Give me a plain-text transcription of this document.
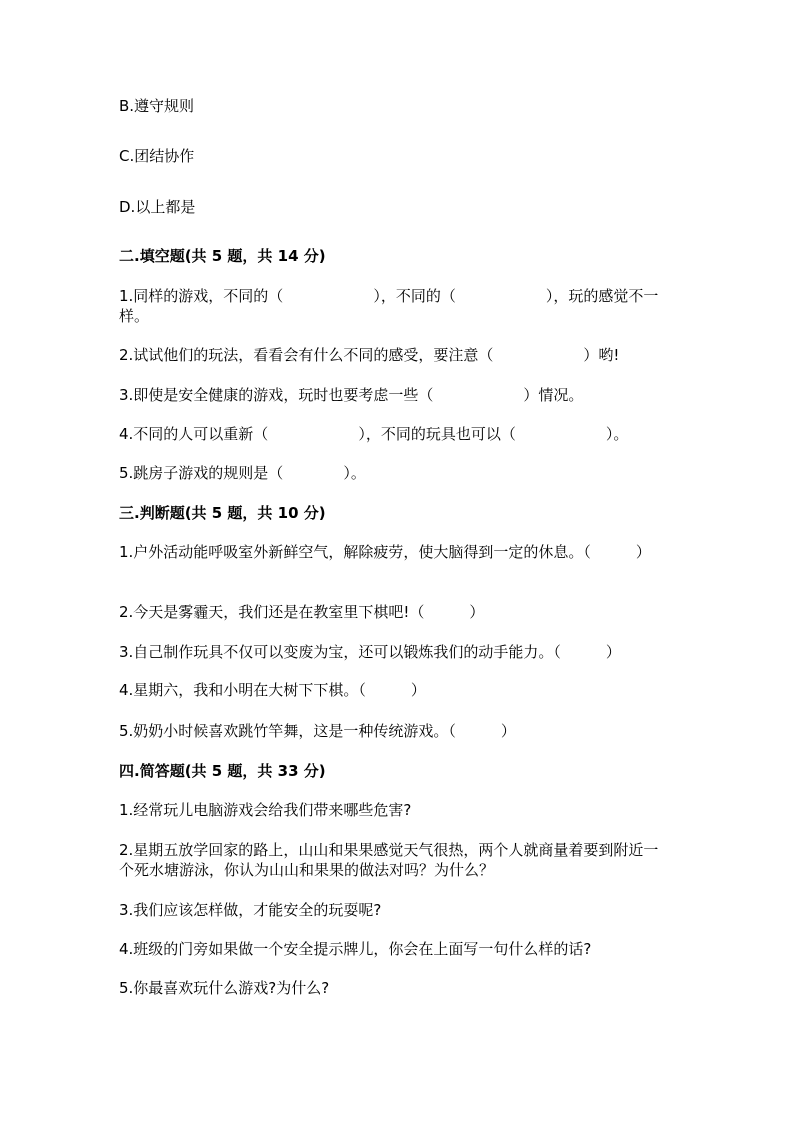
B.遵守规则
C.团结协作
D.以上都是
二.填空题(共 5 题，共 14 分)
1.同样的游戏，不同的（　　　　　　），不同的（　　　　　　），玩的感觉不一样。
2.试试他们的玩法，看看会有什么不同的感受，要注意（　　　　　　）哟!
3.即使是安全健康的游戏，玩时也要考虑一些（　　　　　　）情况。
4.不同的人可以重新（　　　　　　），不同的玩具也可以（　　　　　　）。
5.跳房子游戏的规则是（　　　　）。
三.判断题(共 5 题，共 10 分)
1.户外活动能呼吸室外新鲜空气，解除疲劳，使大脑得到一定的休息。（　　　）
2.今天是雾霾天，我们还是在教室里下棋吧!（　　　）
3.自己制作玩具不仅可以变废为宝，还可以锻炼我们的动手能力。（　　　）
4.星期六，我和小明在大树下下棋。（　　　）
5.奶奶小时候喜欢跳竹竿舞，这是一种传统游戏。（　　　）
四.简答题(共 5 题，共 33 分)
1.经常玩儿电脑游戏会给我们带来哪些危害?
2.星期五放学回家的路上，山山和果果感觉天气很热，两个人就商量着要到附近一个死水塘游泳，你认为山山和果果的做法对吗？为什么？
3.我们应该怎样做，才能安全的玩耍呢?
4.班级的门旁如果做一个安全提示牌儿，你会在上面写一句什么样的话?
5.你最喜欢玩什么游戏?为什么?
